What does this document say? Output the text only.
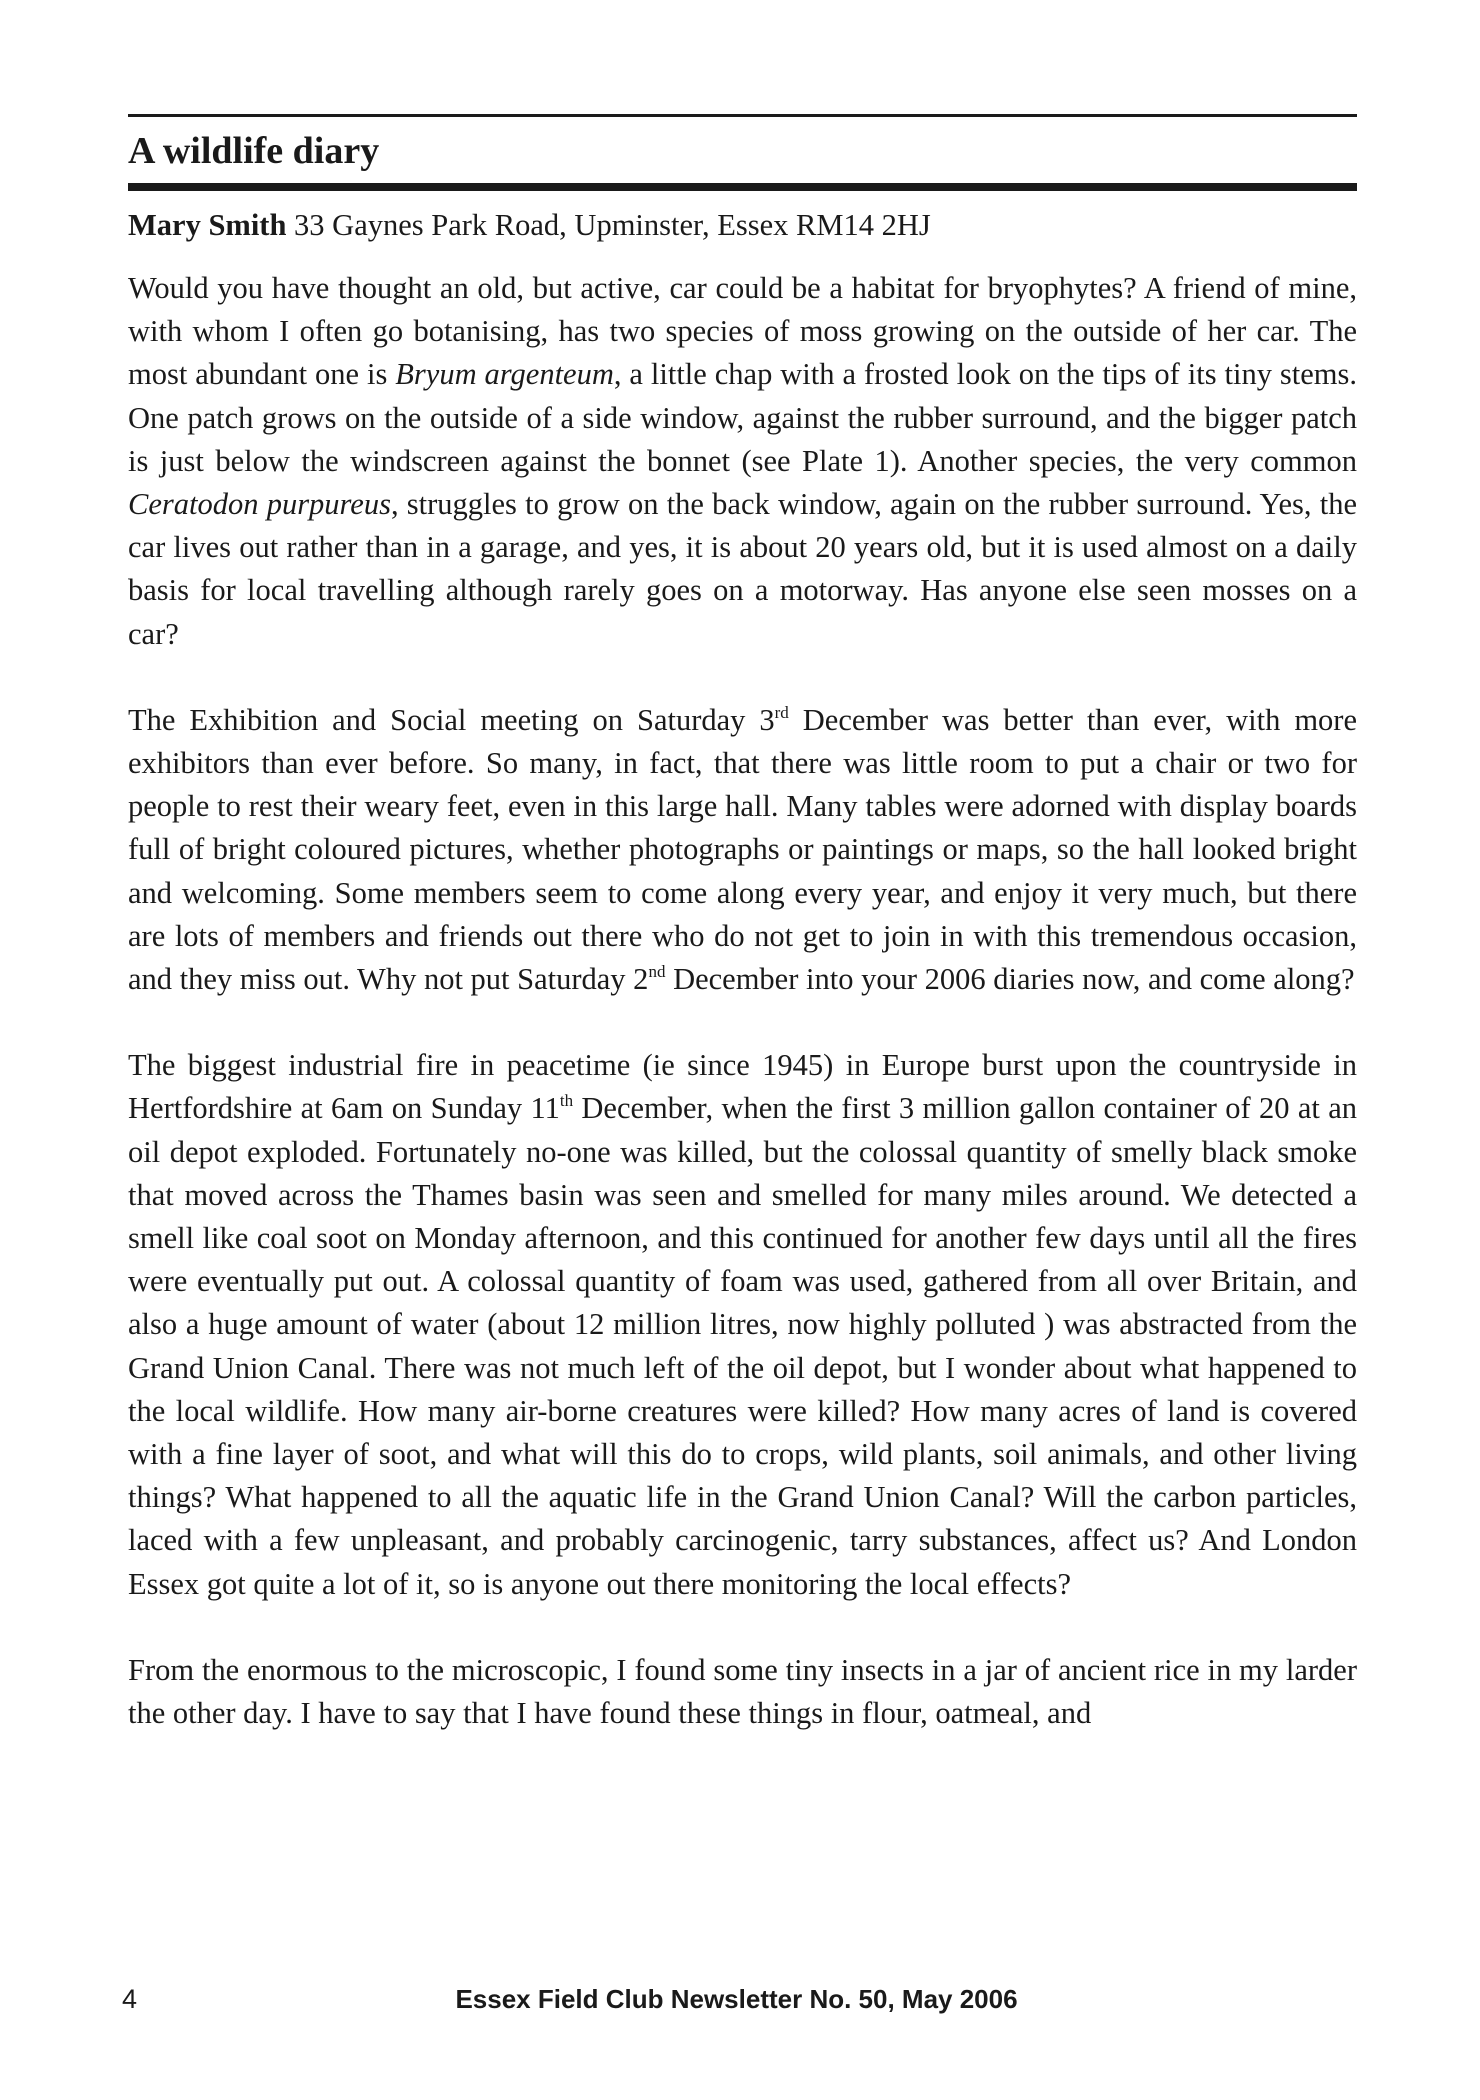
A wildlife diary
Mary Smith 33 Gaynes Park Road, Upminster, Essex RM14 2HJ

Would you have thought an old, but active, car could be a habitat for bryophytes? A friend of mine, with whom I often go botanising, has two species of moss growing on the outside of her car. The most abundant one is Bryum argenteum, a little chap with a frosted look on the tips of its tiny stems. One patch grows on the outside of a side window, against the rubber surround, and the bigger patch is just below the windscreen against the bonnet (see Plate 1). Another species, the very common Ceratodon purpureus, struggles to grow on the back window, again on the rubber surround. Yes, the car lives out rather than in a garage, and yes, it is about 20 years old, but it is used almost on a daily basis for local travelling although rarely goes on a motorway. Has anyone else seen mosses on a car?

The Exhibition and Social meeting on Saturday 3rd December was better than ever, with more exhibitors than ever before. So many, in fact, that there was little room to put a chair or two for people to rest their weary feet, even in this large hall. Many tables were adorned with display boards full of bright coloured pictures, whether photographs or paintings or maps, so the hall looked bright and welcoming. Some members seem to come along every year, and enjoy it very much, but there are lots of members and friends out there who do not get to join in with this tremendous occasion, and they miss out. Why not put Saturday 2nd December into your 2006 diaries now, and come along?

The biggest industrial fire in peacetime (ie since 1945) in Europe burst upon the countryside in Hertfordshire at 6am on Sunday 11th December, when the first 3 million gallon container of 20 at an oil depot exploded. Fortunately no-one was killed, but the colossal quantity of smelly black smoke that moved across the Thames basin was seen and smelled for many miles around. We detected a smell like coal soot on Monday afternoon, and this continued for another few days until all the fires were eventually put out. A colossal quantity of foam was used, gathered from all over Britain, and also a huge amount of water (about 12 million litres, now highly polluted ) was abstracted from the Grand Union Canal. There was not much left of the oil depot, but I wonder about what happened to the local wildlife. How many air-borne creatures were killed? How many acres of land is covered with a fine layer of soot, and what will this do to crops, wild plants, soil animals, and other living things? What happened to all the aquatic life in the Grand Union Canal? Will the carbon particles, laced with a few unpleasant, and probably carcinogenic, tarry substances, affect us? And London Essex got quite a lot of it, so is anyone out there monitoring the local effects?

From the enormous to the microscopic, I found some tiny insects in a jar of ancient rice in my larder the other day. I have to say that I have found these things in flour, oatmeal, and

4	Essex Field Club Newsletter No. 50, May 2006
